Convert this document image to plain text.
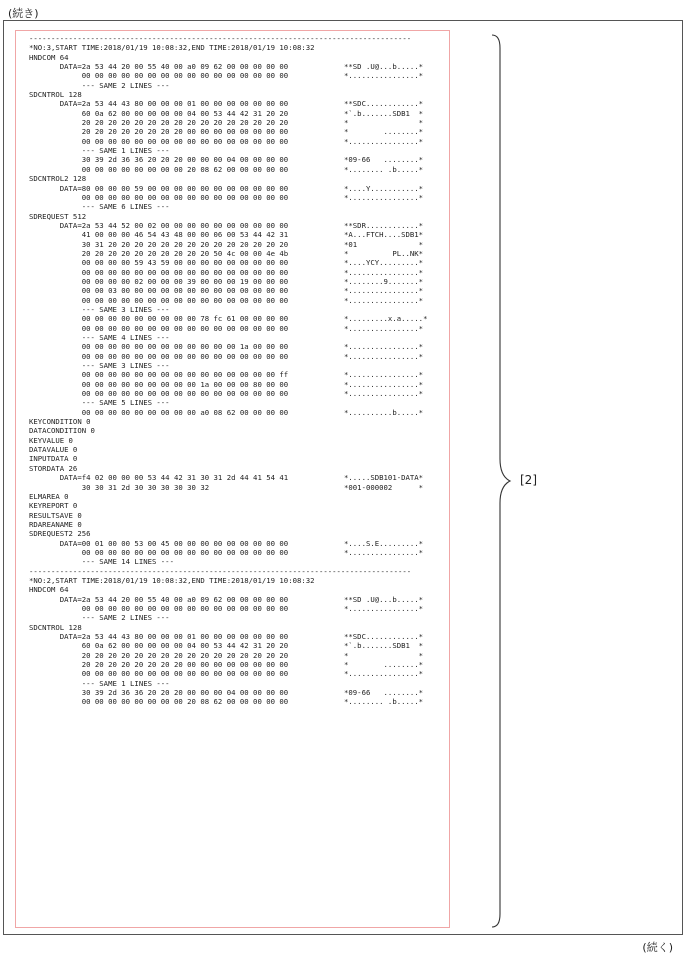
(続き)
---------------------------------------------------------------------------------------
*NO:3,START TIME:2018/01/19 10:08:32,END TIME:2018/01/19 10:08:32
HNDCOM 64
DATA=2a 53 44 20 00 55 40 00 a0 09 62 00 00 00 00 00	**SD .U@...b.....*
00 00 00 00 00 00 00 00 00 00 00 00 00 00 00 00	*................*
--- SAME 2 LINES ---
SDCNTROL 128
DATA=2a 53 44 43 80 00 00 00 01 00 00 00 00 00 00 00	**SDC............*
60 0a 62 00 00 00 00 00 04 00 53 44 42 31 20 20	*`.b.......SDB1  *
20 20 20 20 20 20 20 20 20 20 20 20 20 20 20 20	*                *
20 20 20 20 20 20 20 20 00 00 00 00 00 00 00 00	*        ........*
00 00 00 00 00 00 00 00 00 00 00 00 00 00 00 00	*................*
--- SAME 1 LINES ---
30 39 2d 36 36 20 20 20 00 00 00 04 00 00 00 00	*09-66   ........*
00 00 00 00 00 00 00 00 20 08 62 00 00 00 00 00	*........ .b.....*
SDCNTROL2 128
DATA=80 00 00 00 59 00 00 00 00 00 00 00 00 00 00 00	*....Y...........*
00 00 00 00 00 00 00 00 00 00 00 00 00 00 00 00	*................*
--- SAME 6 LINES ---
SDREQUEST 512
DATA=2a 53 44 52 00 02 00 00 00 00 00 00 00 00 00 00	**SDR............*
41 00 00 00 46 54 43 48 00 00 06 00 53 44 42 31	*A...FTCH....SDB1*
30 31 20 20 20 20 20 20 20 20 20 20 20 20 20 20	*01              *
20 20 20 20 20 20 20 20 20 20 50 4c 00 00 4e 4b	*          PL..NK*
00 00 00 00 59 43 59 00 00 00 00 00 00 00 00 00	*....YCY.........*
00 00 00 00 00 00 00 00 00 00 00 00 00 00 00 00	*................*
00 00 00 00 02 00 00 00 39 00 00 00 19 00 00 00	*........9.......*
00 00 03 00 00 00 00 00 00 00 00 00 00 00 00 00	*................*
00 00 00 00 00 00 00 00 00 00 00 00 00 00 00 00	*................*
--- SAME 3 LINES ---
00 00 00 00 00 00 00 00 00 78 fc 61 00 00 00 00	*.........x.a.....*
00 00 00 00 00 00 00 00 00 00 00 00 00 00 00 00	*................*
--- SAME 4 LINES ---
00 00 00 00 00 00 00 00 00 00 00 00 1a 00 00 00	*................*
00 00 00 00 00 00 00 00 00 00 00 00 00 00 00 00	*................*
--- SAME 3 LINES ---
00 00 00 00 00 00 00 00 00 00 00 00 00 00 00 ff	*................*
00 00 00 00 00 00 00 00 00 1a 00 00 00 80 00 00	*................*
00 00 00 00 00 00 00 00 00 00 00 00 00 00 00 00	*................*
--- SAME 5 LINES ---
00 00 00 00 00 00 00 00 00 a0 08 62 00 00 00 00	*..........b.....*
KEYCONDITION 0
DATACONDITION 0
KEYVALUE 0
DATAVALUE 0
INPUTDATA 0
STORDATA 26
DATA=f4 02 00 00 00 53 44 42 31 30 31 2d 44 41 54 41	*.....SDB101-DATA*
30 30 31 2d 30 30 30 30 30 32	*001-000002      *
ELMAREA 0
KEYREPORT 0
RESULTSAVE 0
RDAREANAME 0
SDREQUEST2 256
DATA=00 01 00 00 53 00 45 00 00 00 00 00 00 00 00 00	*....S.E.........*
00 00 00 00 00 00 00 00 00 00 00 00 00 00 00 00	*................*
--- SAME 14 LINES ---
---------------------------------------------------------------------------------------
*NO:2,START TIME:2018/01/19 10:08:32,END TIME:2018/01/19 10:08:32
HNDCOM 64
DATA=2a 53 44 20 00 55 40 00 a0 09 62 00 00 00 00 00	**SD .U@...b.....*
00 00 00 00 00 00 00 00 00 00 00 00 00 00 00 00	*................*
--- SAME 2 LINES ---
SDCNTROL 128
DATA=2a 53 44 43 80 00 00 00 01 00 00 00 00 00 00 00	**SDC............*
60 0a 62 00 00 00 00 00 04 00 53 44 42 31 20 20	*`.b.......SDB1  *
20 20 20 20 20 20 20 20 20 20 20 20 20 20 20 20	*                *
20 20 20 20 20 20 20 20 00 00 00 00 00 00 00 00	*        ........*
00 00 00 00 00 00 00 00 00 00 00 00 00 00 00 00	*................*
--- SAME 1 LINES ---
30 39 2d 36 36 20 20 20 00 00 00 04 00 00 00 00	*09-66   ........*
00 00 00 00 00 00 00 00 20 08 62 00 00 00 00 00	*........ .b.....*
[2]
(続く)
